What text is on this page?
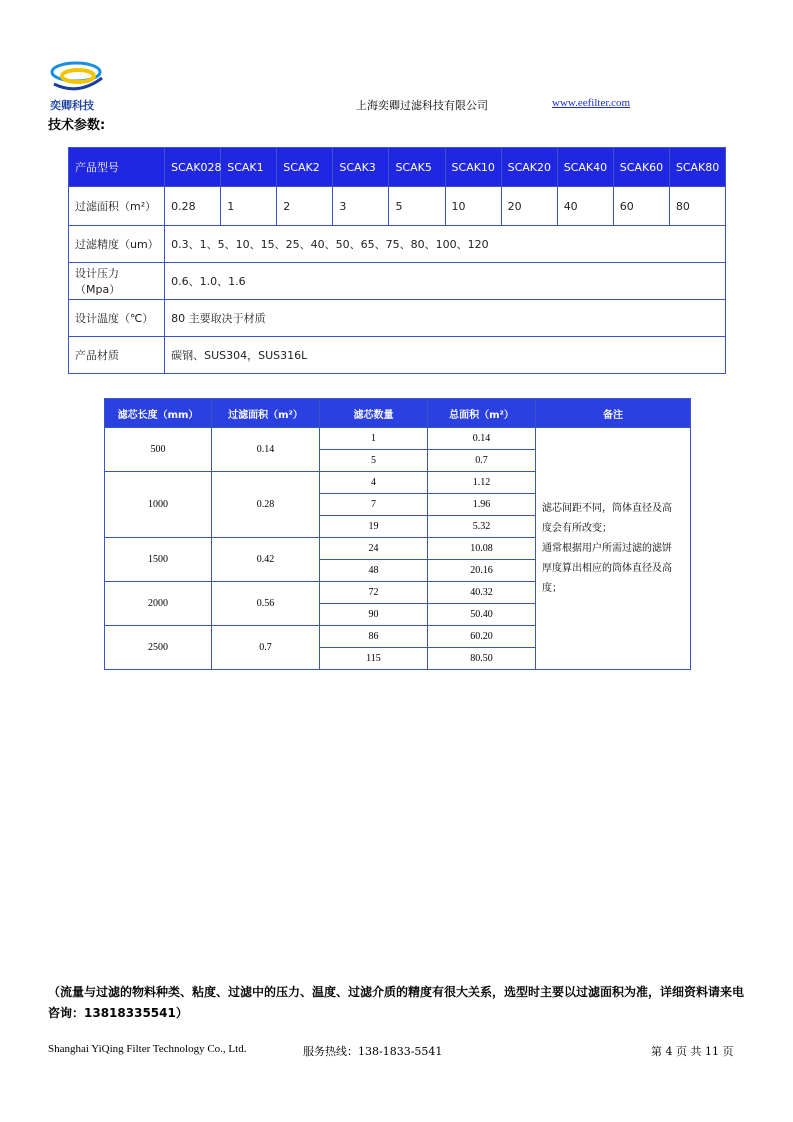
奕卿科技	上海奕卿过滤科技有限公司	www.eefilter.com
技术参数:
产品型号	SCAK028	SCAK1	SCAK2	SCAK3	SCAK5	SCAK10	SCAK20	SCAK40	SCAK60	SCAK80
过滤面积（m²）	0.28	1	2	3	5	10	20	40	60	80
过滤精度（um）	0.3、1、5、10、15、25、40、50、65、75、80、100、120									
设计压力（Mpa）	0.6、1.0、1.6									
设计温度（℃）	80 主要取决于材质									
产品材质	碳钢、SUS304，SUS316L									
滤芯长度（mm）	过滤面积（m²）	滤芯数量	总面积（m²）	备注
500	0.14	1	0.14	滤芯间距不同，筒体直径及高
度会有所改变；
通常根据用户所需过滤的滤饼
厚度算出相应的筒体直径及高
度；

		5	0.7	
1000	0.28	4	1.12	
		7	1.96	
		19	5.32	
1500	0.42	24	10.08	
		48	20.16	
2000	0.56	72	40.32	
		90	50.40	
2500	0.7	86	60.20	
		115	80.50	
（流量与过滤的物料种类、粘度、过滤中的压力、温度、过滤介质的精度有很大关系，选型时主要以过滤面积为准，详细资料请来电咨询：13818335541）
Shanghai YiQing Filter Technology Co., Ltd.	服务热线：138-1833-5541	第 4 页 共 11 页
